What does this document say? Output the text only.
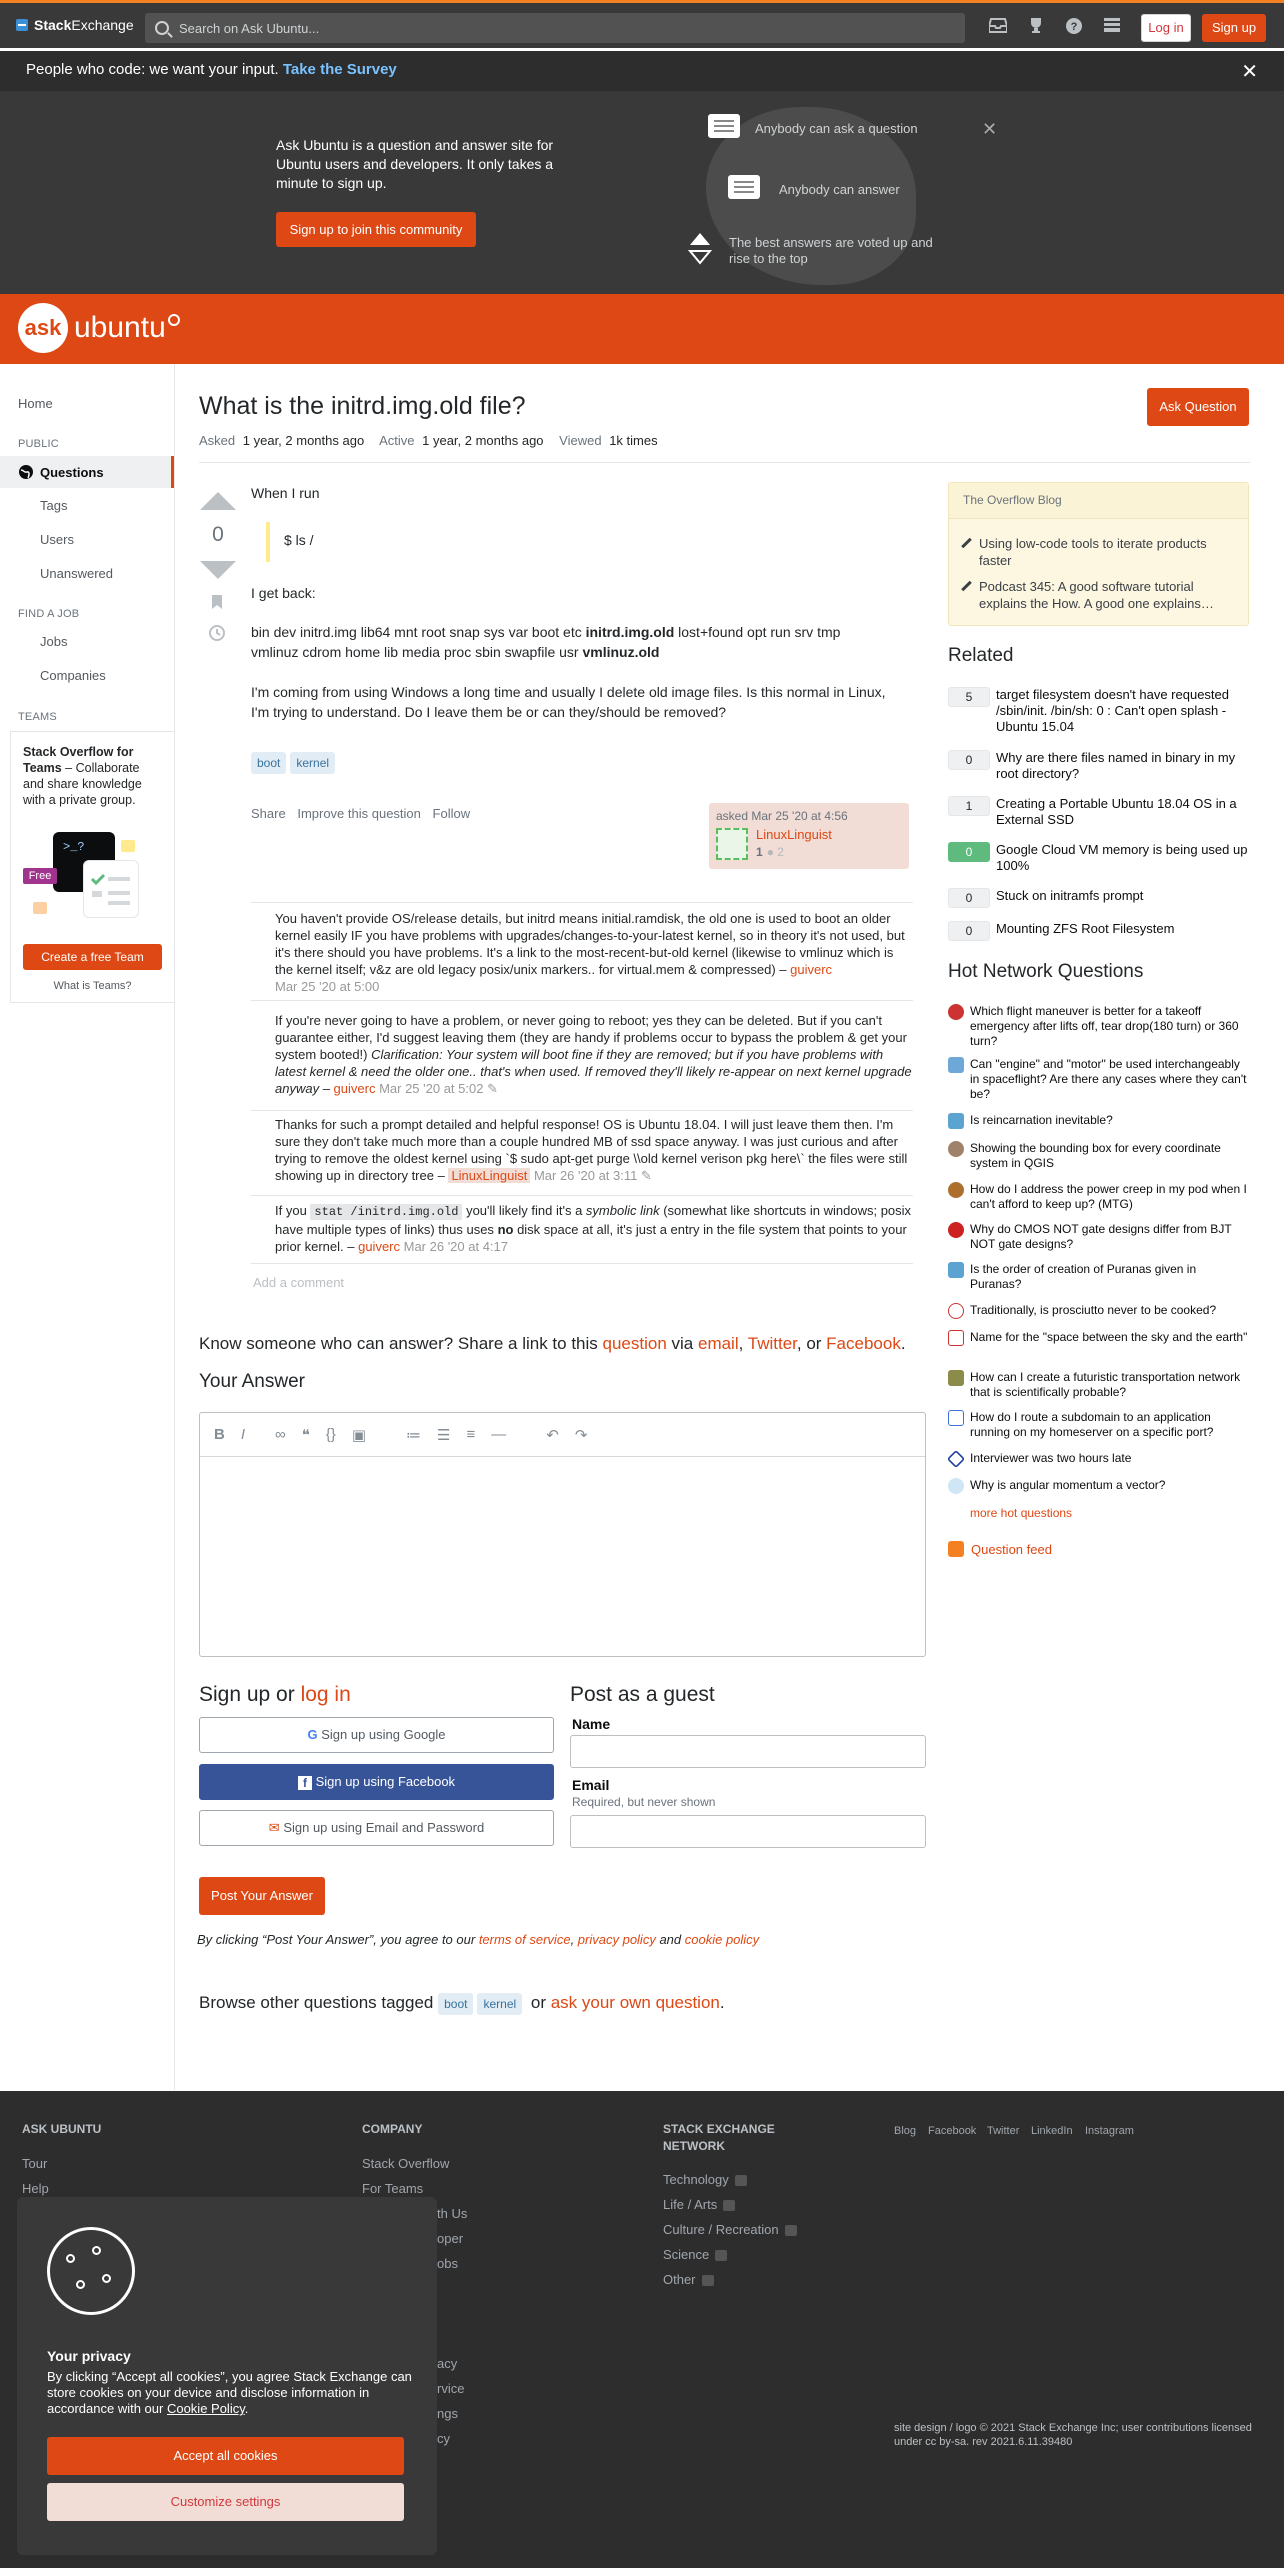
Stack Exchange	Search on Ask Ubuntu...	?	Log in	Sign up
People who code: we want your input. Take the Survey	✕
Ask Ubuntu is a question and answer site for Ubuntu users and developers. It only takes a minute to sign up.
Sign up to join this community
Anybody can ask a question
Anybody can answer
The best answers are voted up and rise to the top
✕
ask ubuntu
Home
PUBLIC
Questions
Tags
Users
Unanswered
FIND A JOB
Jobs
Companies
TEAMS
Stack Overflow for Teams – Collaborate and share knowledge with a private group.
>_?
Free
Create a free Team
What is Teams?
What is the initrd.img.old file?	Ask Question
Asked 1 year, 2 months ago Active 1 year, 2 months ago Viewed 1k times
0
When I run
$ ls /
I get back:
bin dev initrd.img lib64 mnt root snap sys var boot etc initrd.img.old lost+found opt run srv tmp vmlinuz cdrom home lib media proc sbin swapfile usr vmlinuz.old
I'm coming from using Windows a long time and usually I delete old image files. Is this normal in Linux, I'm trying to understand. Do I leave them be or can they/should be removed?
boot kernel
Share Improve this question Follow	asked Mar 25 '20 at 4:56
LinuxLinguist
1 ● 2
You haven't provide OS/release details, but initrd means initial.ramdisk, the old one is used to boot an older kernel easily IF you have problems with upgrades/changes-to-your-latest kernel, so in theory it's not used, but it's there should you have problems. It's a link to the most-recent-but-old kernel (likewise to vmlinuz which is the kernel itself; v&z are old legacy posix/unix markers.. for virtual.mem & compressed) – guiverc
Mar 25 '20 at 5:00
If you're never going to have a problem, or never going to reboot; yes they can be deleted. But if you can't guarantee either, I'd suggest leaving them (they are handy if problems occur to bypass the problem & get your system booted!) Clarification: Your system will boot fine if they are removed; but if you have problems with latest kernel & need the older one.. that's when used. If removed they'll likely re-appear on next kernel upgrade anyway – guiverc Mar 25 '20 at 5:02 ✎
Thanks for such a prompt detailed and helpful response! OS is Ubuntu 18.04. I will just leave them then. I'm sure they don't take much more than a couple hundred MB of ssd space anyway. I was just curious and after trying to remove the oldest kernel using `$ sudo apt-get purge \\old kernel verison pkg here\` the files were still showing up in directory tree – LinuxLinguist Mar 26 '20 at 3:11 ✎
If you stat /initrd.img.old you'll likely find it's a symbolic link (somewhat like shortcuts in windows; posix have multiple types of links) thus uses no disk space at all, it's just a entry in the file system that points to your prior kernel. – guiverc Mar 26 '20 at 4:17
Add a comment
Know someone who can answer? Share a link to this question via email, Twitter, or Facebook.
Your Answer
B I ∞ ❝ {} ▣	≔ ☰ ≡ ―	↶ ↷
Sign up or log in
G Sign up using Google
f Sign up using Facebook
✉ Sign up using Email and Password
Post as a guest
Name
Email
Required, but never shown
Post Your Answer
By clicking “Post Your Answer”, you agree to our terms of service, privacy policy and cookie policy
Browse other questions tagged boot kernel or ask your own question.
The Overflow Blog
Using low-code tools to iterate products faster
Podcast 345: A good software tutorial explains the How. A good one explains…
Related
5	target filesystem doesn't have requested /sbin/init. /bin/sh: 0 : Can't open splash - Ubuntu 15.04
0	Why are there files named in binary in my root directory?
1	Creating a Portable Ubuntu 18.04 OS in a External SSD
0	Google Cloud VM memory is being used up 100%
0	Stuck on initramfs prompt
0	Mounting ZFS Root Filesystem
Hot Network Questions
Which flight maneuver is better for a takeoff emergency after lifts off, tear drop(180 turn) or 360 turn?
Can "engine" and "motor" be used interchangeably in spaceflight? Are there any cases where they can't be?
Is reincarnation inevitable?
Showing the bounding box for every coordinate system in QGIS
How do I address the power creep in my pod when I can't afford to keep up? (MTG)
Why do CMOS NOT gate designs differ from BJT NOT gate designs?
Is the order of creation of Puranas given in Puranas?
Traditionally, is prosciutto never to be cooked?
Name for the "space between the sky and the earth"
How can I create a futuristic transportation network that is scientifically probable?
How do I route a subdomain to an application running on my homeserver on a specific port?
Interviewer was two hours late
Why is angular momentum a vector?
more hot questions
Question feed
ASK UBUNTU
Tour
Help
COMPANY
Stack Overflow
For Teams
th Us
oper
obs
acy
rvice
ngs
cy
STACK EXCHANGE NETWORK
Technology
Life / Arts
Culture / Recreation
Science
Other
Blog Facebook Twitter LinkedIn Instagram
site design / logo © 2021 Stack Exchange Inc; user contributions licensed under cc by-sa. rev 2021.6.11.39480
Your privacy
By clicking “Accept all cookies”, you agree Stack Exchange can store cookies on your device and disclose information in accordance with our Cookie Policy.
Accept all cookies
Customize settings
